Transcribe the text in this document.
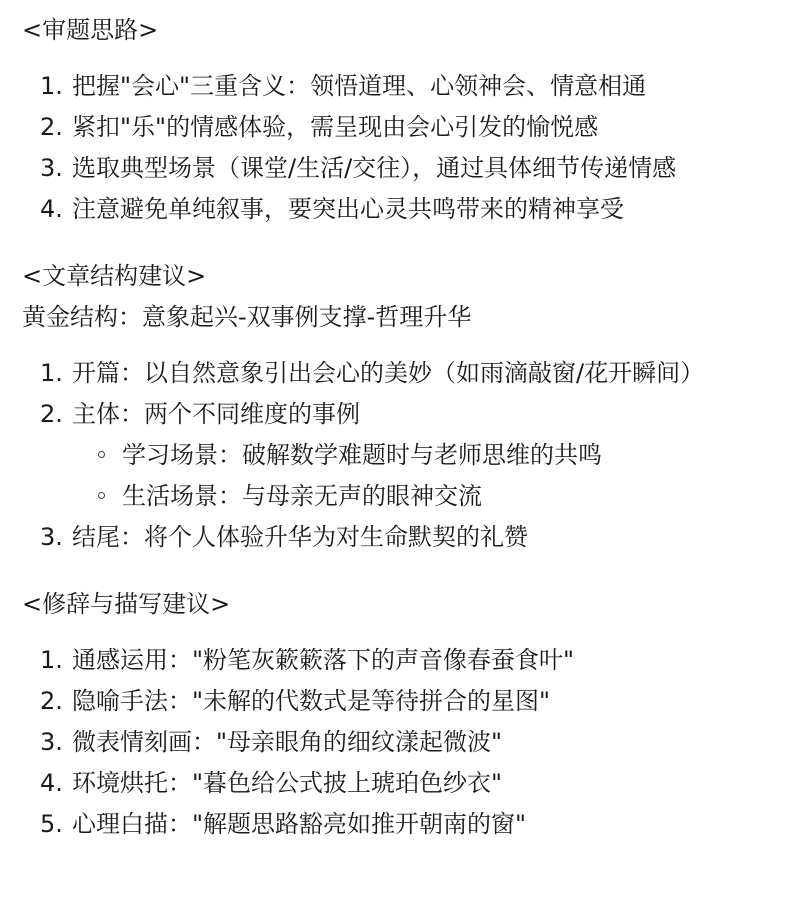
<审题思路>
1. 把握"会心"三重含义：领悟道理、心领神会、情意相通
2. 紧扣"乐"的情感体验，需呈现由会心引发的愉悦感
3. 选取典型场景（课堂/生活/交往），通过具体细节传递情感
4. 注意避免单纯叙事，要突出心灵共鸣带来的精神享受
<文章结构建议>
黄金结构：意象起兴-双事例支撑-哲理升华
1. 开篇：以自然意象引出会心的美妙（如雨滴敲窗/花开瞬间）
2. 主体：两个不同维度的事例
学习场景：破解数学难题时与老师思维的共鸣
生活场景：与母亲无声的眼神交流
3. 结尾：将个人体验升华为对生命默契的礼赞
<修辞与描写建议>
1. 通感运用："粉笔灰簌簌落下的声音像春蚕食叶"
2. 隐喻手法："未解的代数式是等待拼合的星图"
3. 微表情刻画："母亲眼角的细纹漾起微波"
4. 环境烘托："暮色给公式披上琥珀色纱衣"
5. 心理白描："解题思路豁亮如推开朝南的窗"
